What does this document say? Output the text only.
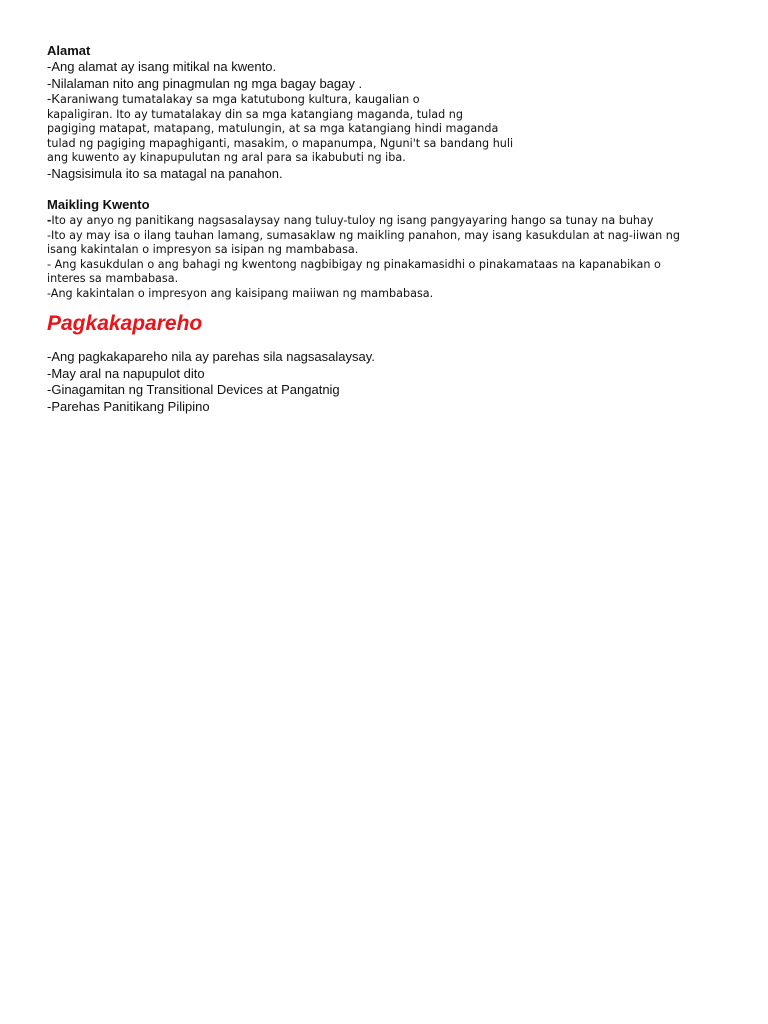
Alamat

-Ang alamat ay isang mitikal na kwento.

-Nilalaman nito ang pinagmulan ng mga bagay bagay .

-Karaniwang tumatalakay sa mga katutubong kultura, kaugalian o

kapaligiran. Ito ay tumatalakay din sa mga katangiang maganda, tulad ng

pagiging matapat, matapang, matulungin, at sa mga katangiang hindi maganda

tulad ng pagiging mapaghiganti, masakim, o mapanumpa, Nguni't sa bandang huli

ang kuwento ay kinapupulutan ng aral para sa ikabubuti ng iba.

-Nagsisimula ito sa matagal na panahon.

Maikling Kwento

-Ito ay anyo ng panitikang nagsasalaysay nang tuluy-tuloy ng isang pangyayaring hango sa tunay na buhay

-Ito ay may isa o ilang tauhan lamang, sumasaklaw ng maikling panahon, may isang kasukdulan at nag-iiwan ng

isang kakintalan o impresyon sa isipan ng mambabasa.

- Ang kasukdulan o ang bahagi ng kwentong nagbibigay ng pinakamasidhi o pinakamataas na kapanabikan o

interes sa mambabasa.

-Ang kakintalan o impresyon ang kaisipang maiiwan ng mambabasa.

Pagkakapareho

-Ang pagkakapareho nila ay parehas sila nagsasalaysay.

-May aral na napupulot dito

-Ginagamitan ng Transitional Devices at Pangatnig

-Parehas Panitikang Pilipino
